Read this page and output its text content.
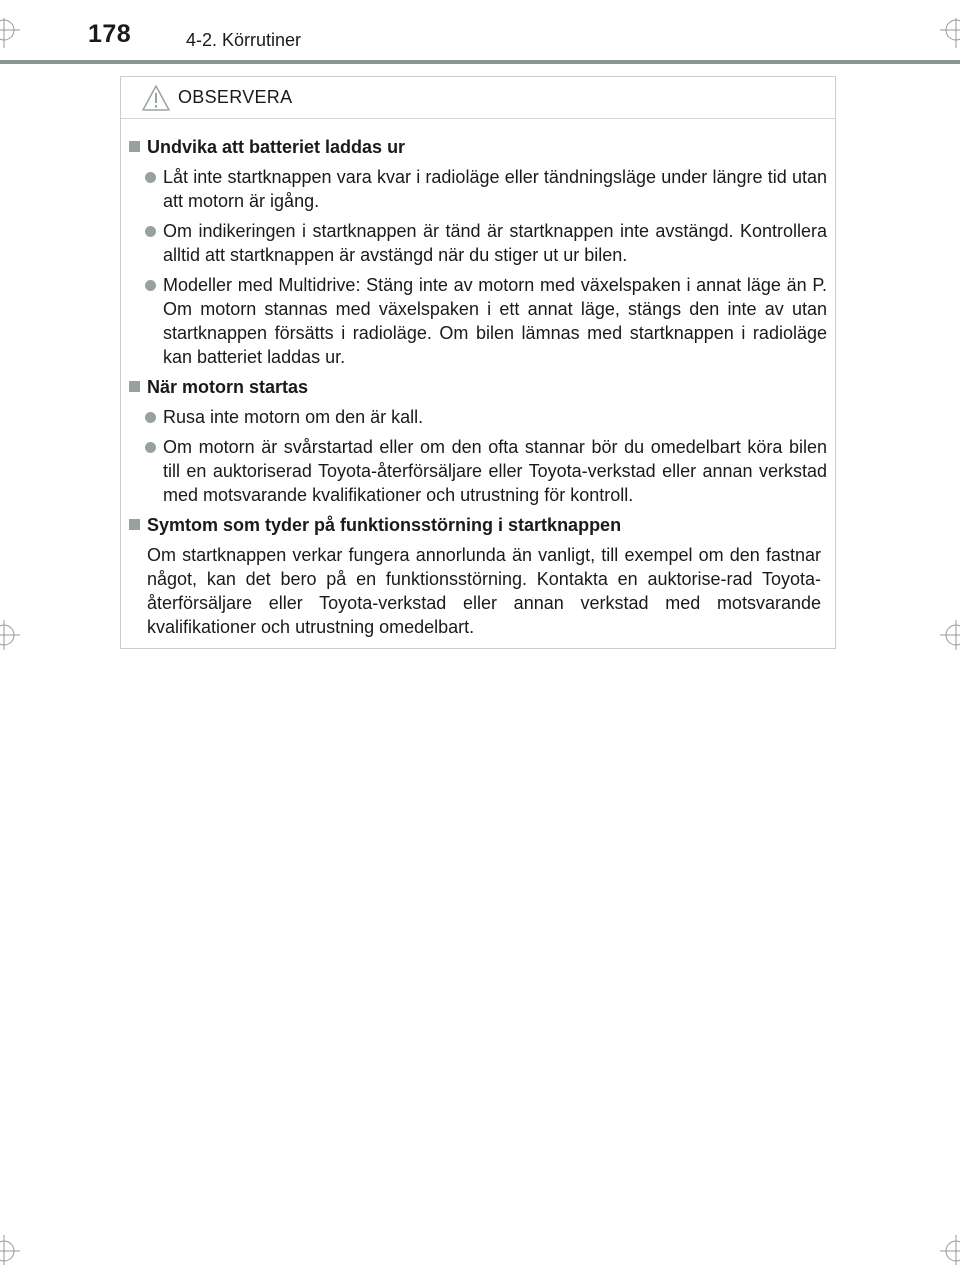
178	4-2. Körrutiner
OBSERVERA
Undvika att batteriet laddas ur
Låt inte startknappen vara kvar i radioläge eller tändningsläge under längre tid utan att motorn är igång.
Om indikeringen i startknappen är tänd är startknappen inte avstängd. Kontrollera alltid att startknappen är avstängd när du stiger ut ur bilen.
Modeller med Multidrive: Stäng inte av motorn med växelspaken i annat läge än P. Om motorn stannas med växelspaken i ett annat läge, stängs den inte av utan startknappen försätts i radioläge. Om bilen lämnas med startknappen i radioläge kan batteriet laddas ur.
När motorn startas
Rusa inte motorn om den är kall.
Om motorn är svårstartad eller om den ofta stannar bör du omedelbart köra bilen till en auktoriserad Toyota-återförsäljare eller Toyota-verkstad eller annan verkstad med motsvarande kvalifikationer och utrustning för kontroll.
Symtom som tyder på funktionsstörning i startknappen

Om startknappen verkar fungera annorlunda än vanligt, till exempel om den fastnar något, kan det bero på en funktionsstörning. Kontakta en auktorise-rad Toyota-återförsäljare eller Toyota-verkstad eller annan verkstad med motsvarande kvalifikationer och utrustning omedelbart.
